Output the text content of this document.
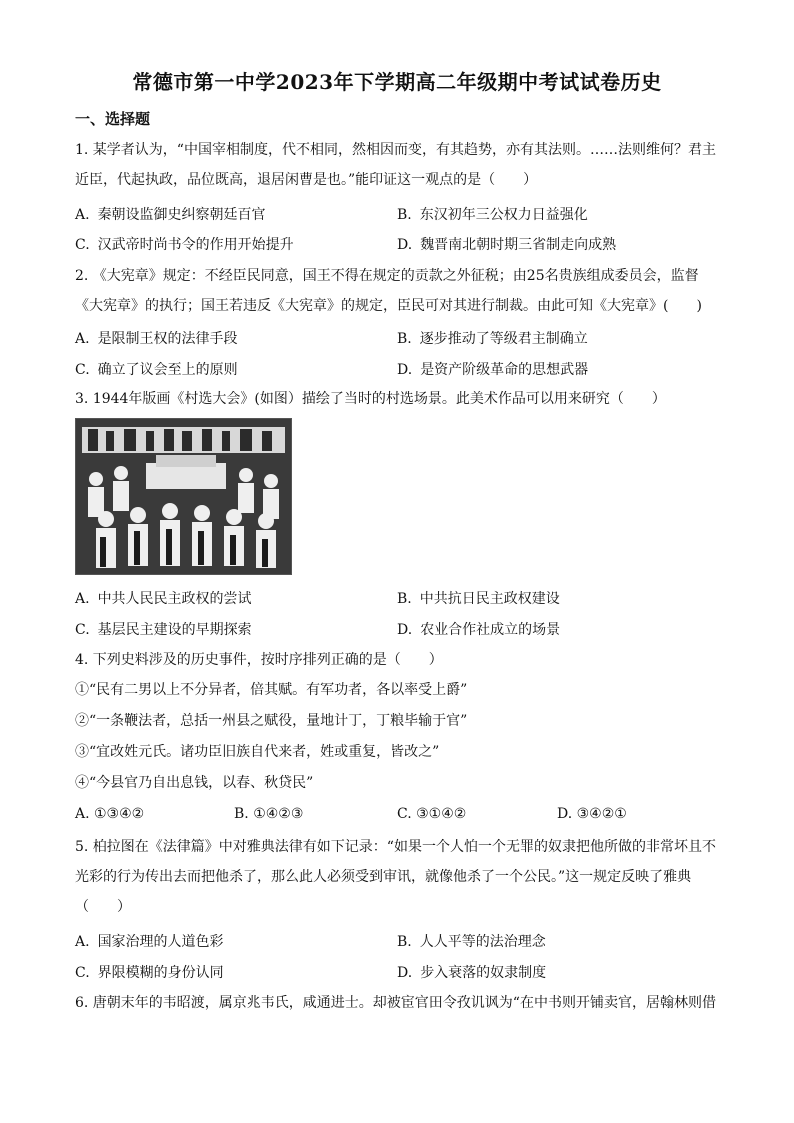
常德市第一中学2023年下学期高二年级期中考试试卷历史
一、选择题
1. 某学者认为，“中国宰相制度，代不相同，然相因而变，有其趋势，亦有其法则。……法则维何？君主
近臣，代起执政，品位既高，退居闲曹是也。”能印证这一观点的是（　　）
A. 秦朝设监御史纠察朝廷百官	B. 东汉初年三公权力日益强化
C. 汉武帝时尚书令的作用开始提升	D. 魏晋南北朝时期三省制走向成熟
2. 《大宪章》规定：不经臣民同意，国王不得在规定的贡款之外征税；由25名贵族组成委员会，监督
《大宪章》的执行；国王若违反《大宪章》的规定，臣民可对其进行制裁。由此可知《大宪章》(　　)
A. 是限制王权的法律手段	B. 逐步推动了等级君主制确立
C. 确立了议会至上的原则	D. 是资产阶级革命的思想武器
3. 1944年版画《村选大会》(如图）描绘了当时的村选场景。此美术作品可以用来研究（　　）
A. 中共人民民主政权的尝试	B. 中共抗日民主政权建设
C. 基层民主建设的早期探索	D. 农业合作社成立的场景
4. 下列史料涉及的历史事件，按时序排列正确的是（　　）
①“民有二男以上不分异者，倍其赋。有军功者，各以率受上爵”
②“一条鞭法者，总括一州县之赋役，量地计丁，丁粮毕输于官”
③“宜改姓元氏。诸功臣旧族自代来者，姓或重复，皆改之”
④“今县官乃自出息钱，以春、秋贷民”
A. ①③④②	B. ①④②③	C. ③①④②	D. ③④②①
5. 柏拉图在《法律篇》中对雅典法律有如下记录：“如果一个人怕一个无罪的奴隶把他所做的非常坏且不
光彩的行为传出去而把他杀了，那么此人必须受到审讯，就像他杀了一个公民。”这一规定反映了雅典
（　　）
A. 国家治理的人道色彩	B. 人人平等的法治理念
C. 界限模糊的身份认同	D. 步入衰落的奴隶制度
6. 唐朝末年的韦昭渡，属京兆韦氏，咸通进士。却被宦官田令孜讥讽为“在中书则开铺卖官，居翰林则借
